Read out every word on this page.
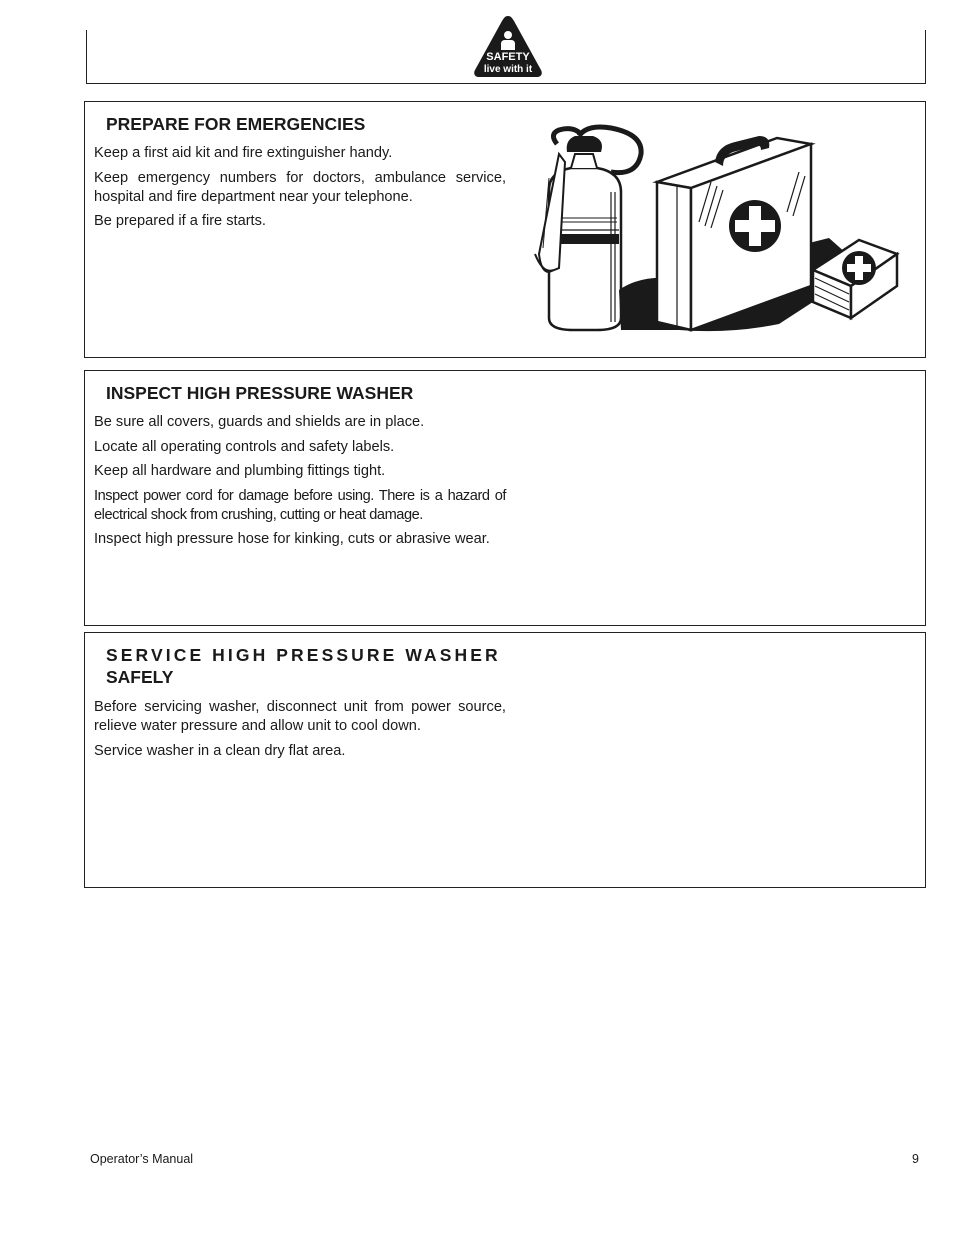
SAFETY
live with it
PREPARE FOR EMERGENCIES

Keep a first aid kit and fire extinguisher handy.

Keep emergency numbers for doctors, ambulance service, hospital and fire department near your telephone.

Be prepared if a fire starts.

INSPECT HIGH PRESSURE WASHER

Be sure all covers, guards and shields are in place.

Locate all operating controls and safety labels.

Keep all hardware and plumbing fittings tight.

Inspect power cord for damage before using. There is a hazard of electrical shock from crushing, cutting or heat damage.

Inspect high pressure hose for kinking, cuts or abrasive wear.

SERVICE HIGH PRESSURE WASHER
SAFELY

Before servicing washer, disconnect unit from power source, relieve water pressure and allow unit to cool down.

Service washer in a clean dry flat area.

Operator’s Manual	9
